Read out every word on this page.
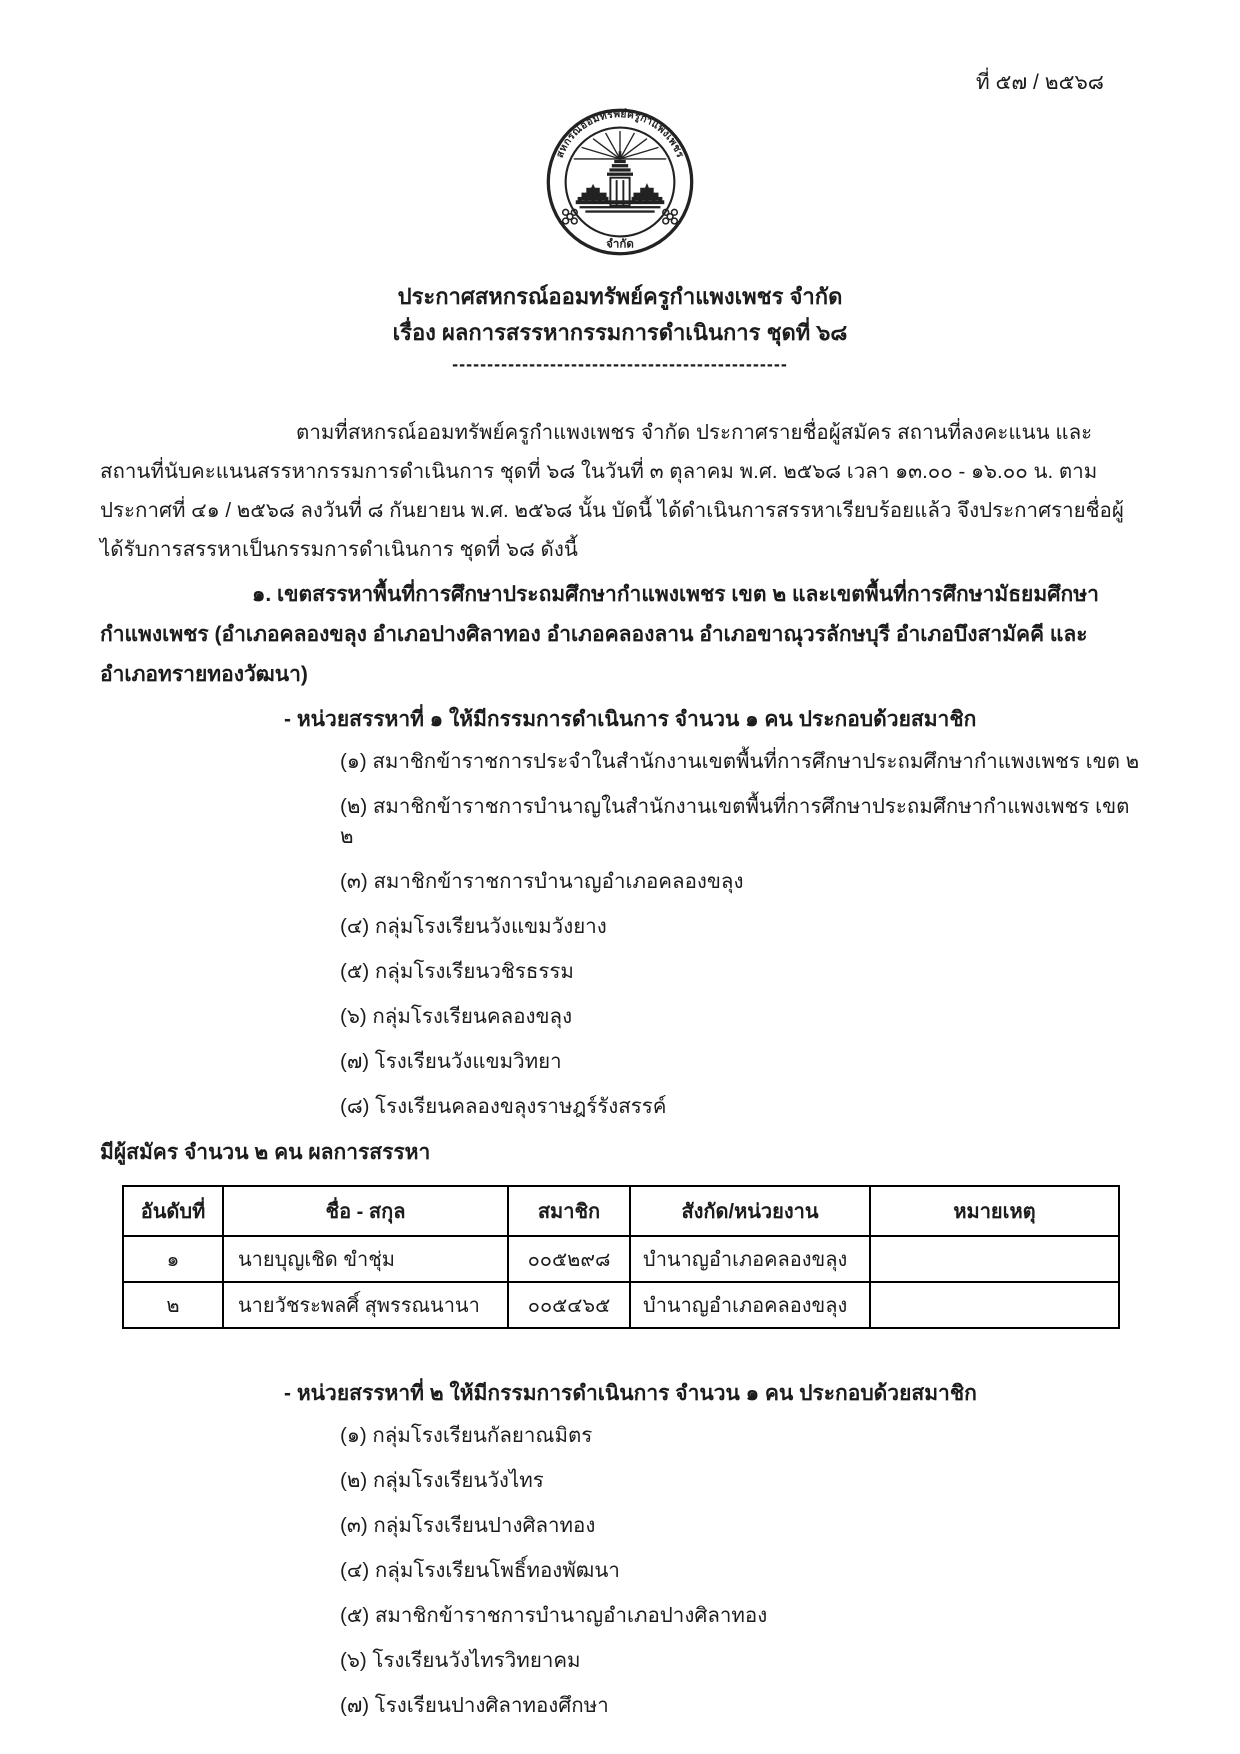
ที่ ๕๗ / ๒๕๖๘
สหกรณ์ออมทรัพย์ครูกำแพงเพชร
จำกัด
ประกาศสหกรณ์ออมทรัพย์ครูกำแพงเพชร จำกัด
เรื่อง ผลการสรรหากรรมการดำเนินการ ชุดที่ ๖๘
------------------------------------------------

ตามที่สหกรณ์ออมทรัพย์ครูกำแพงเพชร จำกัด ประกาศรายชื่อผู้สมัคร สถานที่ลงคะแนน และสถานที่นับคะแนนสรรหากรรมการดำเนินการ ชุดที่ ๖๘ ในวันที่ ๓ ตุลาคม พ.ศ. ๒๕๖๘ เวลา ๑๓.๐๐ - ๑๖.๐๐ น. ตามประกาศที่ ๔๑ / ๒๕๖๘ ลงวันที่ ๘ กันยายน พ.ศ. ๒๕๖๘ นั้น บัดนี้ ได้ดำเนินการสรรหาเรียบร้อยแล้ว จึงประกาศรายชื่อผู้ได้รับการสรรหาเป็นกรรมการดำเนินการ ชุดที่ ๖๘ ดังนี้

๑. เขตสรรหาพื้นที่การศึกษาประถมศึกษากำแพงเพชร เขต ๒ และเขตพื้นที่การศึกษามัธยมศึกษากำแพงเพชร (อำเภอคลองขลุง อำเภอปางศิลาทอง อำเภอคลองลาน อำเภอขาณุวรลักษบุรี อำเภอบึงสามัคคี และอำเภอทรายทองวัฒนา)

- หน่วยสรรหาที่ ๑ ให้มีกรรมการดำเนินการ จำนวน ๑ คน ประกอบด้วยสมาชิก
(๑) สมาชิกข้าราชการประจำในสำนักงานเขตพื้นที่การศึกษาประถมศึกษากำแพงเพชร เขต ๒
(๒) สมาชิกข้าราชการบำนาญในสำนักงานเขตพื้นที่การศึกษาประถมศึกษากำแพงเพชร เขต ๒
(๓) สมาชิกข้าราชการบำนาญอำเภอคลองขลุง
(๔) กลุ่มโรงเรียนวังแขมวังยาง
(๕) กลุ่มโรงเรียนวชิรธรรม
(๖) กลุ่มโรงเรียนคลองขลุง
(๗) โรงเรียนวังแขมวิทยา
(๘) โรงเรียนคลองขลุงราษฎร์รังสรรค์
มีผู้สมัคร จำนวน ๒ คน ผลการสรรหา
อันดับที่	ชื่อ - สกุล	สมาชิก	สังกัด/หน่วยงาน	หมายเหตุ
๑	นายบุญเชิด ขำชุ่ม	๐๐๕๒๙๘	บำนาญอำเภอคลองขลุง	
๒	นายวัชระพลศิ์ สุพรรณนานา	๐๐๕๔๖๕	บำนาญอำเภอคลองขลุง	
- หน่วยสรรหาที่ ๒ ให้มีกรรมการดำเนินการ จำนวน ๑ คน ประกอบด้วยสมาชิก
(๑) กลุ่มโรงเรียนกัลยาณมิตร
(๒) กลุ่มโรงเรียนวังไทร
(๓) กลุ่มโรงเรียนปางศิลาทอง
(๔) กลุ่มโรงเรียนโพธิ์ทองพัฒนา
(๕) สมาชิกข้าราชการบำนาญอำเภอปางศิลาทอง
(๖) โรงเรียนวังไทรวิทยาคม
(๗) โรงเรียนปางศิลาทองศึกษา
